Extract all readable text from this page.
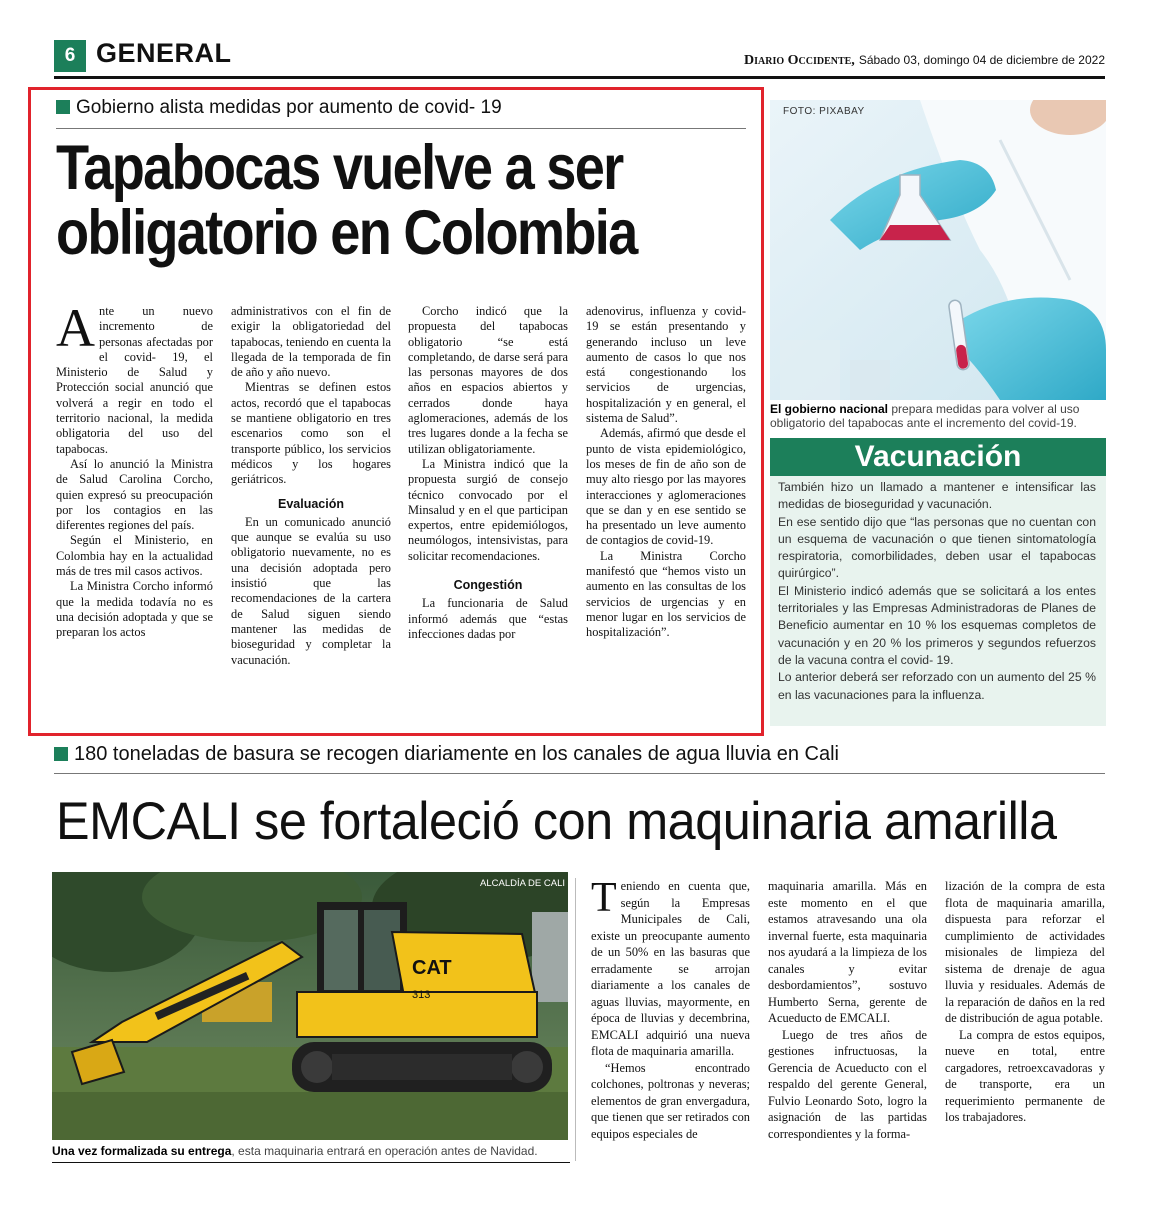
6 GENERAL	Diario Occidente, Sábado 03, domingo 04 de diciembre de 2022
Gobierno alista medidas por aumento de covid- 19
Tapabocas vuelve a ser
obligatorio en Colombia
A nte un nuevo incremento de personas afectadas por el covid- 19, el Ministerio de Salud y Protección social anunció que volverá a regir en todo el territorio nacional, la medida obligatoria del uso del tapabocas.

Así lo anunció la Ministra de Salud Carolina Corcho, quien expresó su preocupación por los contagios en las diferentes regiones del país.

Según el Ministerio, en Colombia hay en la actualidad más de tres mil casos activos.

La Ministra Corcho informó que la medida todavía no es una decisión adoptada y que se preparan los actos

administrativos con el fin de exigir la obligatoriedad del tapabocas, teniendo en cuenta la llegada de la temporada de fin de año y año nuevo.

Mientras se definen estos actos, recordó que el tapabocas se mantiene obligatorio en tres escenarios como son el transporte público, los servicios médicos y los hogares geriátricos.

Evaluación

En un comunicado anunció que aunque se evalúa su uso obligatorio nuevamente, no es una decisión adoptada pero insistió que las recomendaciones de la cartera de Salud siguen siendo mantener las medidas de bioseguridad y completar la vacunación.

Corcho indicó que la propuesta del tapabocas obligatorio “se está completando, de darse será para las personas mayores de dos años en espacios abiertos y cerrados donde haya aglomeraciones, además de los tres lugares donde a la fecha se utilizan obligatoriamente.

La Ministra indicó que la propuesta surgió de consejo técnico convocado por el Minsalud y en el que participan expertos, entre epidemiólogos, neumólogos, intensivistas, para solicitar recomendaciones.

Congestión

La funcionaria de Salud informó además que “estas infecciones dadas por

adenovirus, influenza y covid-19 se están presentando y generando incluso un leve aumento de casos lo que nos está congestionando los servicios de urgencias, hospitalización y en general, el sistema de Salud”.

Además, afirmó que desde el punto de vista epidemiológico, los meses de fin de año son de muy alto riesgo por las mayores interacciones y aglomeraciones que se dan y en ese sentido se ha presentado un leve aumento de contagios de covid-19.

La Ministra Corcho manifestó que “hemos visto un aumento en las consultas de los servicios de urgencias y en menor lugar en los servicios de hospitalización”.

FOTO: PIXABAY
El gobierno nacional prepara medidas para volver al uso obligatorio del tapabocas ante el incremento del covid-19.
Vacunación

También hizo un llamado a mantener e intensificar las medidas de bioseguridad y vacunación.

En ese sentido dijo que “las personas que no cuentan con un esquema de vacunación o que tienen sintomatología respiratoria, comorbilidades, deben usar el tapabocas quirúrgico”.

El Ministerio indicó además que se solicitará a los entes territoriales y las Empresas Administradoras de Planes de Beneficio aumentar en 10 % los esquemas completos de vacunación y en 20 % los primeros y segundos refuerzos de la vacuna contra el covid- 19.

Lo anterior deberá ser reforzado con un aumento del 25 % en las vacunaciones para la influenza.

180 toneladas de basura se recogen diariamente en los canales de agua lluvia en Cali
EMCALI se fortaleció con maquinaria amarilla
CAT
313
ALCALDÍA DE CALI
Una vez formalizada su entrega, esta maquinaria entrará en operación antes de Navidad.
T eniendo en cuenta que, según la Empresas Municipales de Cali, existe un preocupante aumento de un 50% en las basuras que erradamente se arrojan diariamente a los canales de aguas lluvias, mayormente, en época de lluvias y decembrina, EMCALI adquirió una nueva flota de maquinaria amarilla.

“Hemos encontrado colchones, poltronas y neveras; elementos de gran envergadura, que tienen que ser retirados con equipos especiales de

maquinaria amarilla. Más en este momento en el que estamos atravesando una ola invernal fuerte, esta maquinaria nos ayudará a la limpieza de los canales y evitar desbordamientos”, sostuvo Humberto Serna, gerente de Acueducto de EMCALI.

Luego de tres años de gestiones infructuosas, la Gerencia de Acueducto con el respaldo del gerente General, Fulvio Leonardo Soto, logro la asignación de las partidas correspondientes y la forma-

lización de la compra de esta flota de maquinaria amarilla, dispuesta para reforzar el cumplimiento de actividades misionales de limpieza del sistema de drenaje de agua lluvia y residuales. Además de la reparación de daños en la red de distribución de agua potable.

La compra de estos equipos, nueve en total, entre cargadores, retroexcavadoras y de transporte, era un requerimiento permanente de los trabajadores.
